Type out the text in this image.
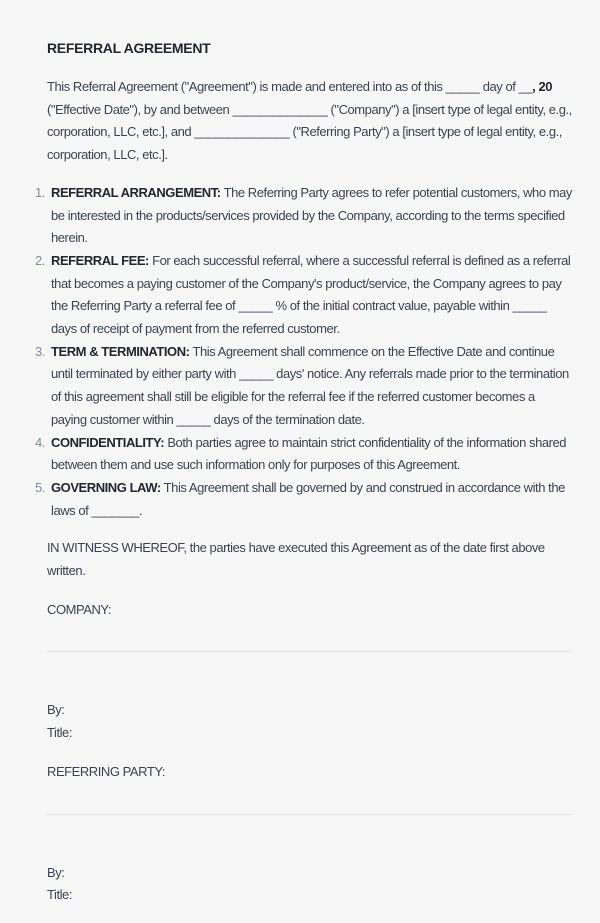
REFERRAL AGREEMENT

This Referral Agreement ("Agreement") is made and entered into as of this _____ day of __, 20 ("Effective Date"), by and between ______________ ("Company") a [insert type of legal entity, e.g., corporation, LLC, etc.], and ______________ ("Referring Party") a [insert type of legal entity, e.g., corporation, LLC, etc.].

1. REFERRAL ARRANGEMENT: The Referring Party agrees to refer potential customers, who may be interested in the products/services provided by the Company, according to the terms specified herein.
2. REFERRAL FEE: For each successful referral, where a successful referral is defined as a referral that becomes a paying customer of the Company's product/service, the Company agrees to pay the Referring Party a referral fee of _____ % of the initial contract value, payable within _____ days of receipt of payment from the referred customer.
3. TERM & TERMINATION: This Agreement shall commence on the Effective Date and continue until terminated by either party with _____ days' notice. Any referrals made prior to the termination of this agreement shall still be eligible for the referral fee if the referred customer becomes a paying customer within _____ days of the termination date.
4. CONFIDENTIALITY: Both parties agree to maintain strict confidentiality of the information shared between them and use such information only for purposes of this Agreement.
5. GOVERNING LAW: This Agreement shall be governed by and construed in accordance with the laws of _______.

IN WITNESS WHEREOF, the parties have executed this Agreement as of the date first above written.

COMPANY:

By:

Title:

REFERRING PARTY:

By:

Title:
